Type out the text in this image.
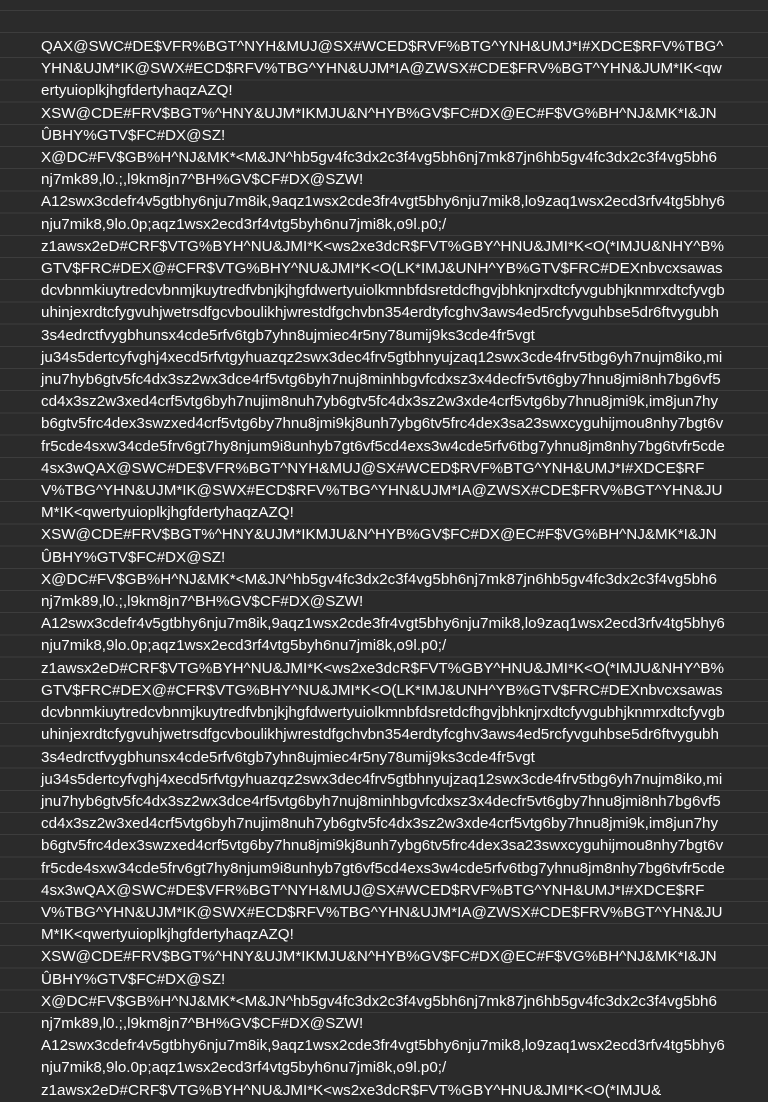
QAX@SWC#DE$VFR%BGT^NYH&MUJ@SX#WCED$RVF%BTG^YNH&UMJ*I#XDCE$RFV%TBG^YHN&UJM*IK@SWX#ECD$RFV%TBG^YHN&UJM*IA@ZWSX#CDE$FRV%BGT^YHN&JUM*IK<qwertyuioplkjhgfdertyhaqzAZQ!
XSW@CDE#FRV$BGT%^HNY&UJM*IKMJU&N^HYB%GV$FC#DX@EC#F$VG%BH^NJ&MK*I&JNÛBHY%GTV$FC#DX@SZ!
X@DC#FV$GB%H^NJ&MK*<M&JN^hb5gv4fc3dx2c3f4vg5bh6nj7mk87jn6hb5gv4fc3dx2c3f4vg5bh6nj7mk89,l0.;,l9km8jn7^BH%GV$CF#DX@SZW!
A12swx3cdefr4v5gtbhy6nju7m8ik,9aqz1wsx2cde3fr4vgt5bhy6nju7mik8,lo9zaq1wsx2ecd3rfv4tg5bhy6nju7mik8,9lo.0p;aqz1wsx2ecd3rf4vtg5byh6nu7jmi8k,o9l.p0;/
z1awsx2eD#CRF$VTG%BYH^NU&JMI*K<ws2xe3dcR$FVT%GBY^HNU&JMI*K<O(*IMJU&NHY^B%GTV$FRC#DEX@#CFR$VTG%BHY^NU&JMI*K<O(LK*IMJ&UNH^YB%GTV$FRC#DEXnbvcxsawasdcvbnmkiuytredcvbnmjkuytredfvbnjkjhgfdwertyuiolkmnbfdsretdcfhgvjbhknjrxdtcfyvgubhjknmrxdtcfyvgbuhinjexrdtcfygvuhjwetrsdfgcvboulikhjwrestdfgchvbn354erdtyfcghv3aws4ed5rcfyvguhbse5dr6ftvygubh3s4edrctfvygbhunsx4cde5rfv6tgb7yhn8ujmiec4r5ny78umij9ks3cde4fr5vgt
ju34s5dertcyfvghj4xecd5rfvtgyhuazqz2swx3dec4frv5gtbhnyujzaq12swx3cde4frv5tbg6yh7nujm8iko,mijnu7hyb6gtv5fc4dx3sz2wx3dce4rf5vtg6byh7nuj8minhbgvfcdxsz3x4decfr5vt6gby7hnu8jmi8nh7bg6vf5cd4x3sz2w3xed4crf5vtg6byh7nujim8nuh7yb6gtv5fc4dx3sz2w3xde4crf5vtg6by7hnu8jmi9k,im8jun7hyb6gtv5frc4dex3swzxed4crf5vtg6by7hnu8jmi9kj8unh7ybg6tv5frc4dex3sa23swxcyguhijmou8nhy7bgt6vfr5cde4sxw34cde5frv6gt7hy8njum9i8unhyb7gt6vf5cd4exs3w4cde5rfv6tbg7yhnu8jm8nhy7bg6tvfr5cde4sx3wQAX@SWC#DE$VFR%BGT^NYH&MUJ@SX#WCED$RVF%BTG^YNH&UMJ*I#XDCE$RFV%TBG^YHN&UJM*IK@SWX#ECD$RFV%TBG^YHN&UJM*IA@ZWSX#CDE$FRV%BGT^YHN&JUM*IK<qwertyuioplkjhgfdertyhaqzAZQ!
XSW@CDE#FRV$BGT%^HNY&UJM*IKMJU&N^HYB%GV$FC#DX@EC#F$VG%BH^NJ&MK*I&JNÛBHY%GTV$FC#DX@SZ!
X@DC#FV$GB%H^NJ&MK*<M&JN^hb5gv4fc3dx2c3f4vg5bh6nj7mk87jn6hb5gv4fc3dx2c3f4vg5bh6nj7mk89,l0.;,l9km8jn7^BH%GV$CF#DX@SZW!
A12swx3cdefr4v5gtbhy6nju7m8ik,9aqz1wsx2cde3fr4vgt5bhy6nju7mik8,lo9zaq1wsx2ecd3rfv4tg5bhy6nju7mik8,9lo.0p;aqz1wsx2ecd3rf4vtg5byh6nu7jmi8k,o9l.p0;/
z1awsx2eD#CRF$VTG%BYH^NU&JMI*K<ws2xe3dcR$FVT%GBY^HNU&JMI*K<O(*IMJU&NHY^B%GTV$FRC#DEX@#CFR$VTG%BHY^NU&JMI*K<O(LK*IMJ&UNH^YB%GTV$FRC#DEXnbvcxsawasdcvbnmkiuytredcvbnmjkuytredfvbnjkjhgfdwertyuiolkmnbfdsretdcfhgvjbhknjrxdtcfyvgubhjknmrxdtcfyvgbuhinjexrdtcfygvuhjwetrsdfgcvboulikhjwrestdfgchvbn354erdtyfcghv3aws4ed5rcfyvguhbse5dr6ftvygubh3s4edrctfvygbhunsx4cde5rfv6tgb7yhn8ujmiec4r5ny78umij9ks3cde4fr5vgt
ju34s5dertcyfvghj4xecd5rfvtgyhuazqz2swx3dec4frv5gtbhnyujzaq12swx3cde4frv5tbg6yh7nujm8iko,mijnu7hyb6gtv5fc4dx3sz2wx3dce4rf5vtg6byh7nuj8minhbgvfcdxsz3x4decfr5vt6gby7hnu8jmi8nh7bg6vf5cd4x3sz2w3xed4crf5vtg6byh7nujim8nuh7yb6gtv5fc4dx3sz2w3xde4crf5vtg6by7hnu8jmi9k,im8jun7hyb6gtv5frc4dex3swzxed4crf5vtg6by7hnu8jmi9kj8unh7ybg6tv5frc4dex3sa23swxcyguhijmou8nhy7bgt6vfr5cde4sxw34cde5frv6gt7hy8njum9i8unhyb7gt6vf5cd4exs3w4cde5rfv6tbg7yhnu8jm8nhy7bg6tvfr5cde4sx3wQAX@SWC#DE$VFR%BGT^NYH&MUJ@SX#WCED$RVF%BTG^YNH&UMJ*I#XDCE$RFV%TBG^YHN&UJM*IK@SWX#ECD$RFV%TBG^YHN&UJM*IA@ZWSX#CDE$FRV%BGT^YHN&JUM*IK<qwertyuioplkjhgfdertyhaqzAZQ!
XSW@CDE#FRV$BGT%^HNY&UJM*IKMJU&N^HYB%GV$FC#DX@EC#F$VG%BH^NJ&MK*I&JNÛBHY%GTV$FC#DX@SZ!
X@DC#FV$GB%H^NJ&MK*<M&JN^hb5gv4fc3dx2c3f4vg5bh6nj7mk87jn6hb5gv4fc3dx2c3f4vg5bh6nj7mk89,l0.;,l9km8jn7^BH%GV$CF#DX@SZW!
A12swx3cdefr4v5gtbhy6nju7m8ik,9aqz1wsx2cde3fr4vgt5bhy6nju7mik8,lo9zaq1wsx2ecd3rfv4tg5bhy6nju7mik8,9lo.0p;aqz1wsx2ecd3rf4vtg5byh6nu7jmi8k,o9l.p0;/
z1awsx2eD#CRF$VTG%BYH^NU&JMI*K<ws2xe3dcR$FVT%GBY^HNU&JMI*K<O(*IMJU&
